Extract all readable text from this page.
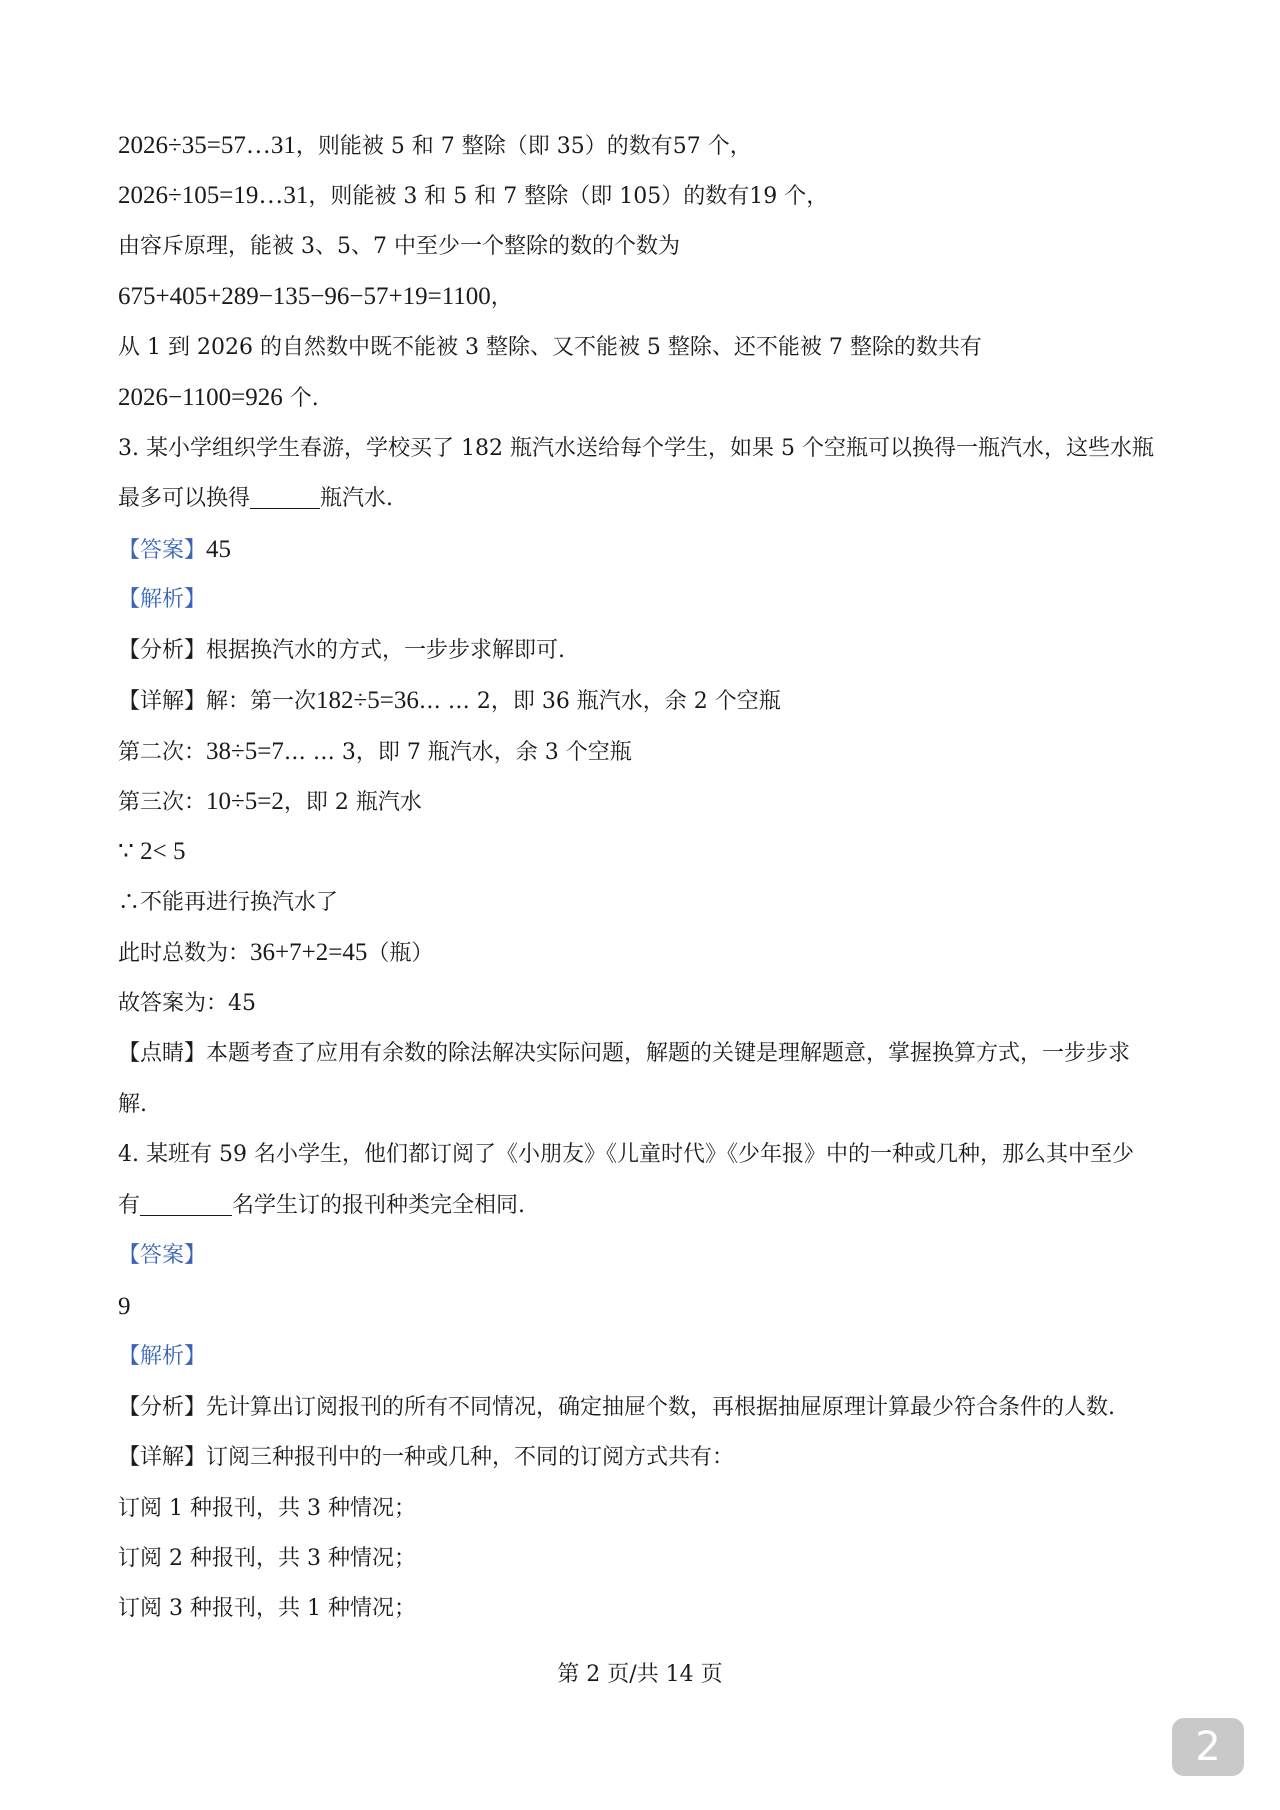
2026÷35=57…31，则能被 5 和 7 整除（即 35）的数有57 个，
2026÷105=19…31，则能被 3 和 5 和 7 整除（即 105）的数有19 个，
由容斥原理，能被 3、5、7 中至少一个整除的数的个数为
675+405+289−135−96−57+19=1100，
从 1 到 2026 的自然数中既不能被 3 整除、又不能被 5 整除、还不能被 7 整除的数共有
2026−1100=926 个.
3. 某小学组织学生春游，学校买了 182 瓶汽水送给每个学生，如果 5 个空瓶可以换得一瓶汽水，这些水瓶
最多可以换得	瓶汽水.
【答案】45
【解析】
【分析】根据换汽水的方式，一步步求解即可.
【详解】解：第一次182÷5=36… … 2，即 36 瓶汽水，余 2 个空瓶
第二次：38÷5=7… … 3，即 7 瓶汽水，余 3 个空瓶
第三次：10÷5=2，即 2 瓶汽水
∵ 2< 5
∴不能再进行换汽水了
此时总数为：36+7+2=45（瓶）
故答案为：45
【点睛】本题考查了应用有余数的除法解决实际问题，解题的关键是理解题意，掌握换算方式，一步步求
解.
4. 某班有 59 名小学生，他们都订阅了《小朋友》《儿童时代》《少年报》中的一种或几种，那么其中至少
有	名学生订的报刊种类完全相同.
【答案】
9
【解析】
【分析】先计算出订阅报刊的所有不同情况，确定抽屉个数，再根据抽屉原理计算最少符合条件的人数.
【详解】订阅三种报刊中的一种或几种，不同的订阅方式共有：
订阅 1 种报刊，共 3 种情况；
订阅 2 种报刊，共 3 种情况；
订阅 3 种报刊，共 1 种情况；
第 2 页/共 14 页
2
